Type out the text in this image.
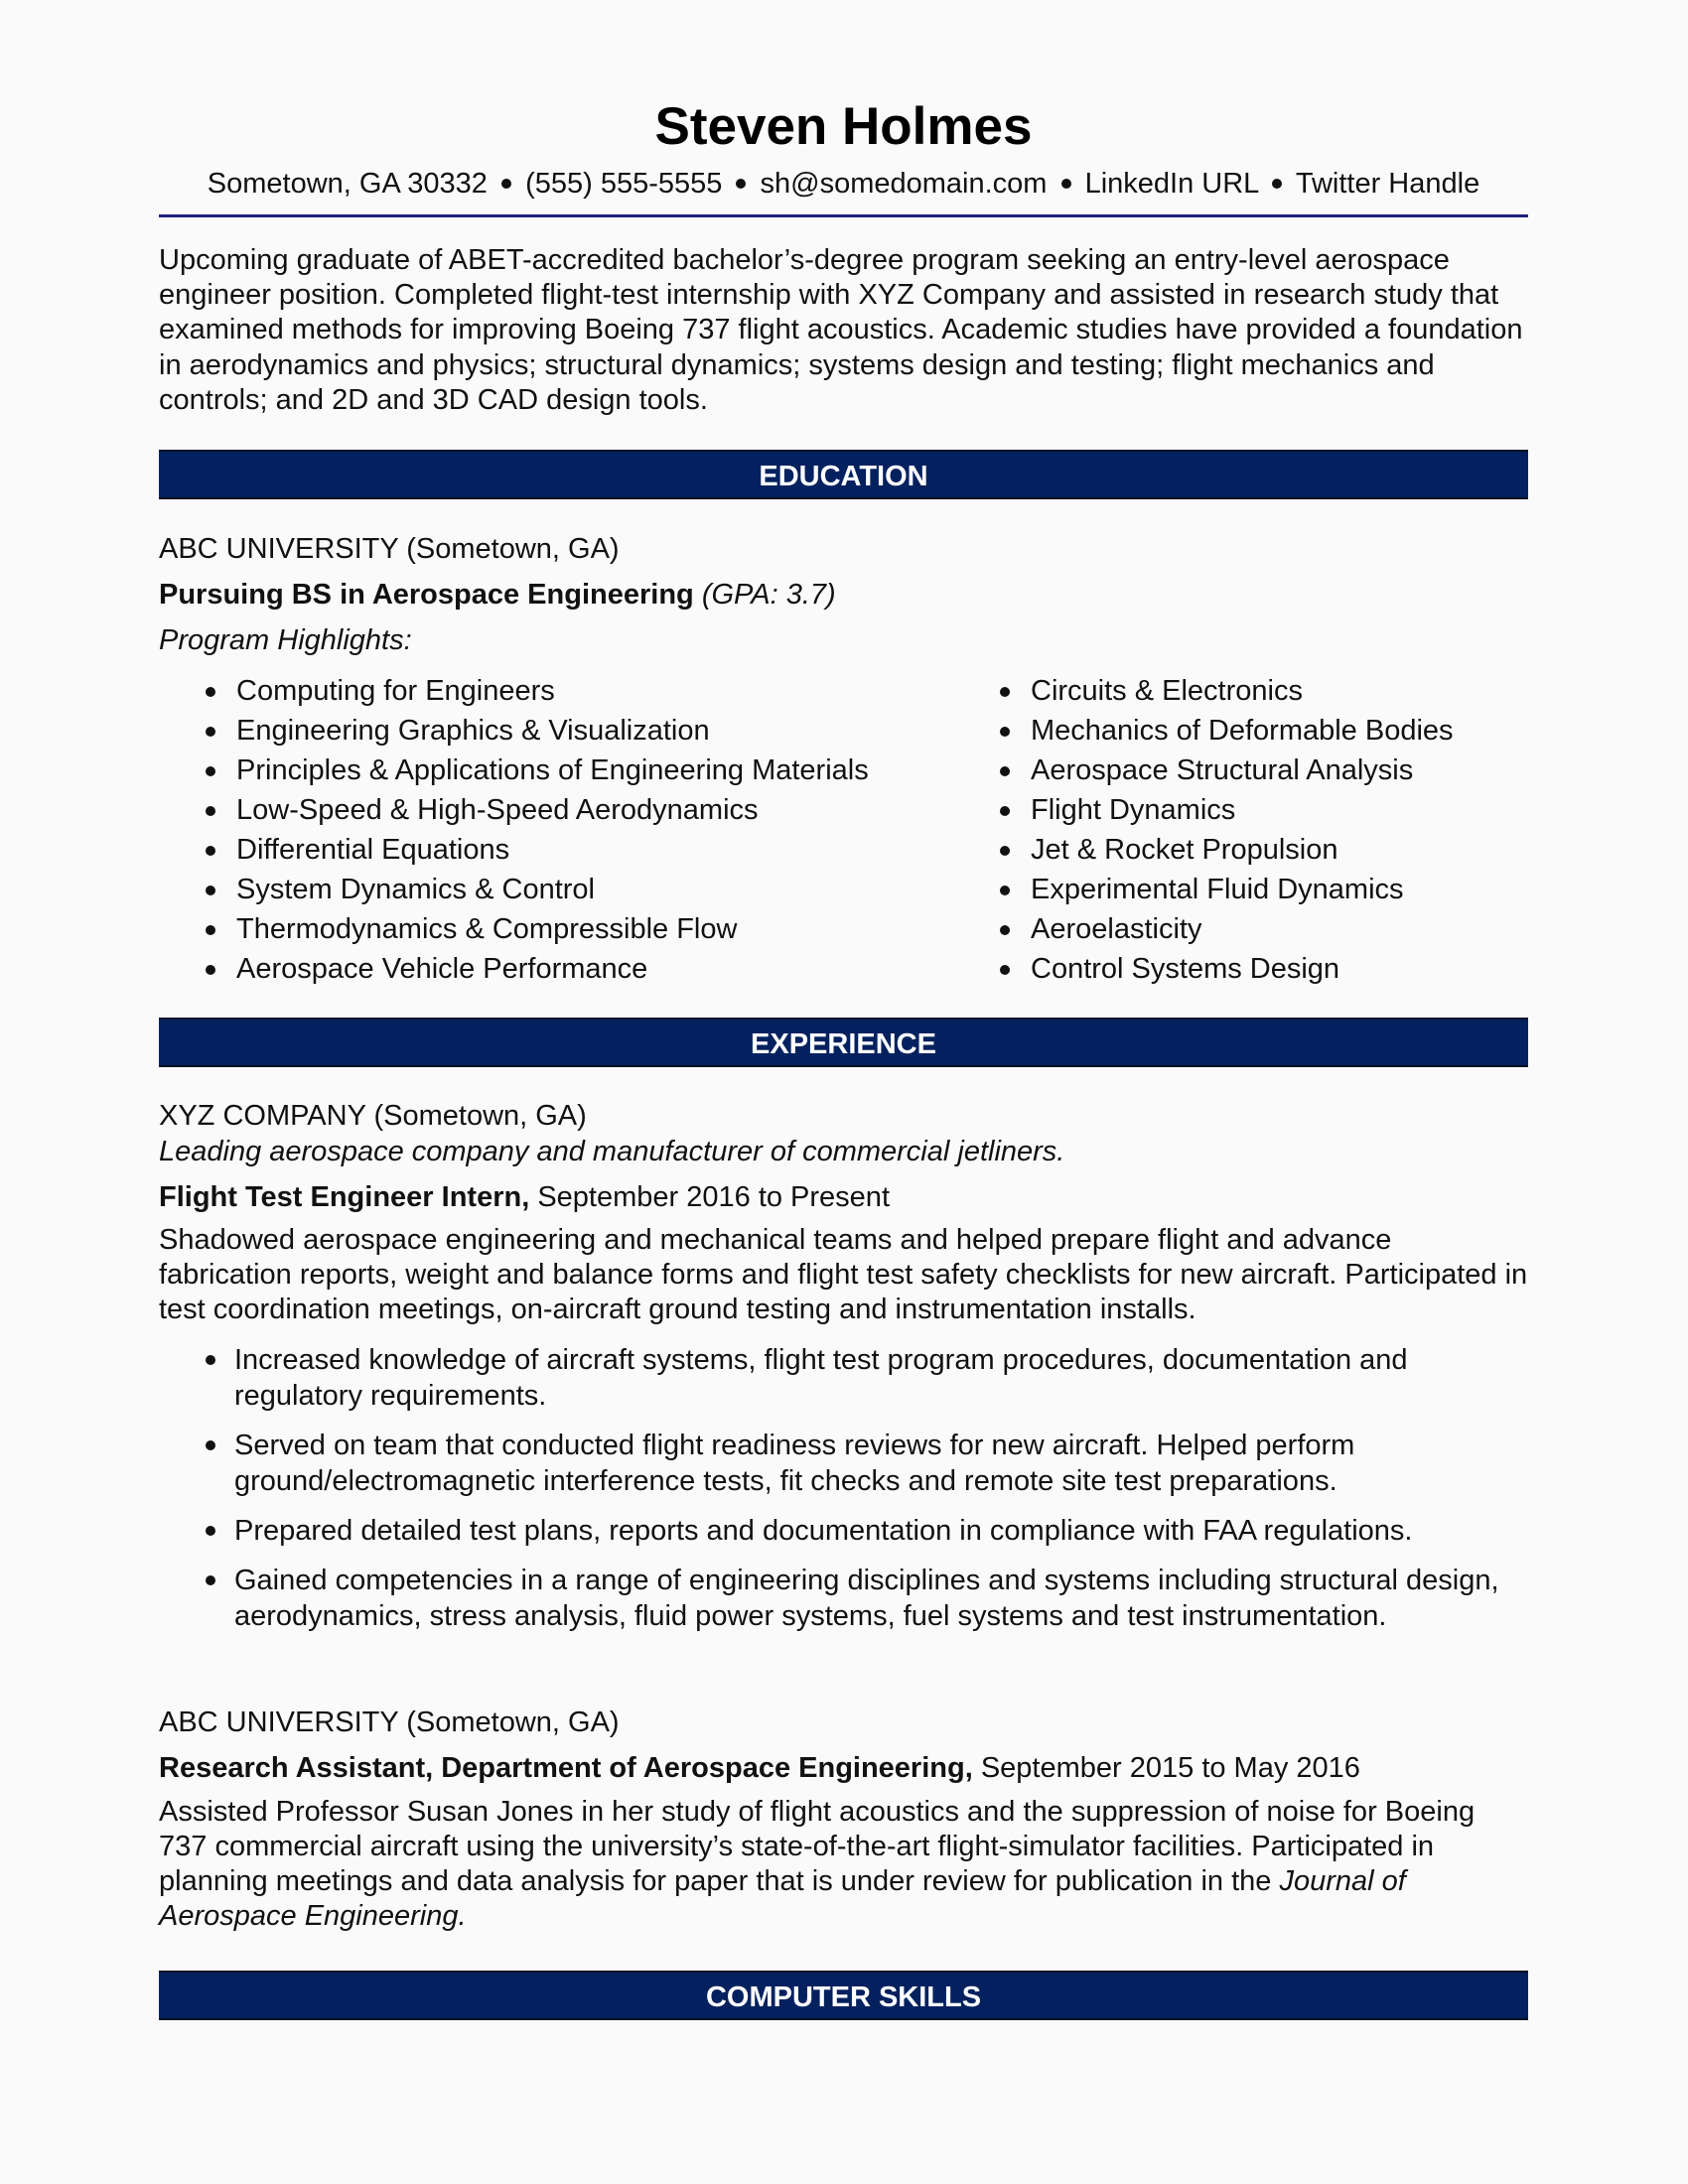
Steven Holmes
Sometown, GA 30332 (555) 555-5555 sh@somedomain.com LinkedIn URL Twitter Handle
Upcoming graduate of ABET-accredited bachelor’s-degree program seeking an entry-level aerospace engineer position. Completed flight-test internship with XYZ Company and assisted in research study that examined methods for improving Boeing 737 flight acoustics. Academic studies have provided a foundation in aerodynamics and physics; structural dynamics; systems design and testing; flight mechanics and controls; and 2D and 3D CAD design tools.
EDUCATION
ABC UNIVERSITY (Sometown, GA)
Pursuing BS in Aerospace Engineering (GPA: 3.7)
Program Highlights:
Computing for Engineers
Engineering Graphics & Visualization
Principles & Applications of Engineering Materials
Low-Speed & High-Speed Aerodynamics
Differential Equations
System Dynamics & Control
Thermodynamics & Compressible Flow
Aerospace Vehicle Performance
Circuits & Electronics
Mechanics of Deformable Bodies
Aerospace Structural Analysis
Flight Dynamics
Jet & Rocket Propulsion
Experimental Fluid Dynamics
Aeroelasticity
Control Systems Design
EXPERIENCE
XYZ COMPANY (Sometown, GA)
Leading aerospace company and manufacturer of commercial jetliners.
Flight Test Engineer Intern, September 2016 to Present
Shadowed aerospace engineering and mechanical teams and helped prepare flight and advance fabrication reports, weight and balance forms and flight test safety checklists for new aircraft. Participated in test coordination meetings, on-aircraft ground testing and instrumentation installs.
Increased knowledge of aircraft systems, flight test program procedures, documentation and regulatory requirements.
Served on team that conducted flight readiness reviews for new aircraft. Helped perform ground/electromagnetic interference tests, fit checks and remote site test preparations.
Prepared detailed test plans, reports and documentation in compliance with FAA regulations.
Gained competencies in a range of engineering disciplines and systems including structural design, aerodynamics, stress analysis, fluid power systems, fuel systems and test instrumentation.
ABC UNIVERSITY (Sometown, GA)
Research Assistant, Department of Aerospace Engineering, September 2015 to May 2016
Assisted Professor Susan Jones in her study of flight acoustics and the suppression of noise for Boeing 737 commercial aircraft using the university’s state-of-the-art flight-simulator facilities. Participated in planning meetings and data analysis for paper that is under review for publication in the Journal of Aerospace Engineering.
COMPUTER SKILLS
